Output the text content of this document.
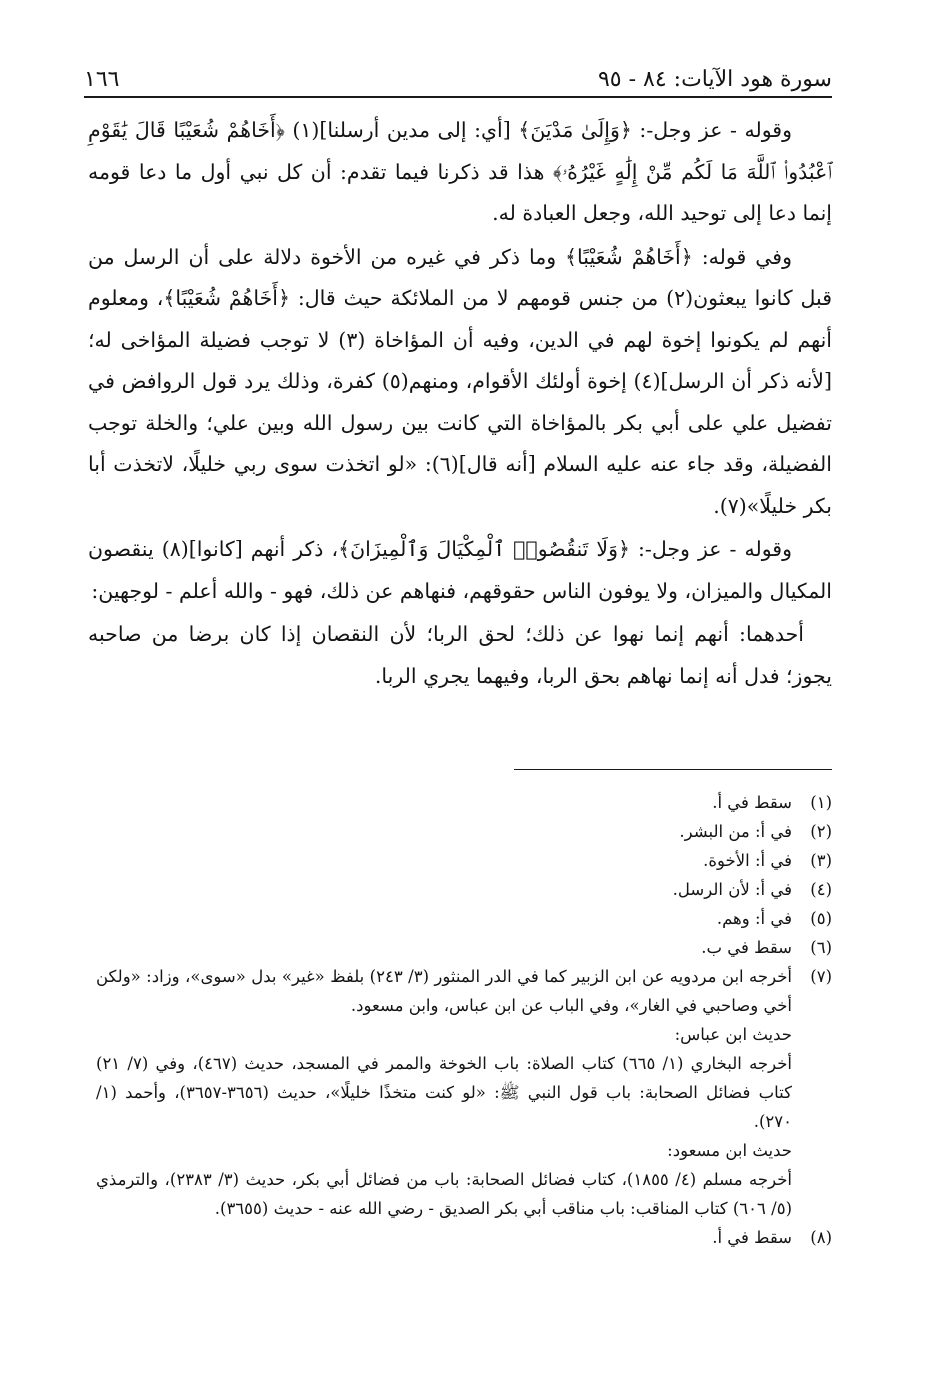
سورة هود الآيات: ٨٤ - ٩٥
١٦٦

وقوله - عز وجل-: ﴿وَإِلَىٰ مَدْيَنَ﴾ [أي: إلى مدين أرسلنا](١) ﴿أَخَاهُمْ شُعَيْبًا قَالَ يَٰقَوْمِ ٱعْبُدُوا۟ ٱللَّهَ مَا لَكُم مِّنْ إِلَٰهٍ غَيْرُهُۥ﴾ هذا قد ذكرنا فيما تقدم: أن كل نبي أول ما دعا قومه إنما دعا إلى توحيد الله، وجعل العبادة له.

وفي قوله: ﴿أَخَاهُمْ شُعَيْبًا﴾ وما ذكر في غيره من الأخوة دلالة على أن الرسل من قبل كانوا يبعثون(٢) من جنس قومهم لا من الملائكة حيث قال: ﴿أَخَاهُمْ شُعَيْبًا﴾، ومعلوم أنهم لم يكونوا إخوة لهم في الدين، وفيه أن المؤاخاة (٣) لا توجب فضيلة المؤاخى له؛ [لأنه ذكر أن الرسل](٤) إخوة أولئك الأقوام، ومنهم(٥) كفرة، وذلك يرد قول الروافض في تفضيل علي على أبي بكر بالمؤاخاة التي كانت بين رسول الله وبين علي؛ والخلة توجب الفضيلة، وقد جاء عنه عليه السلام [أنه قال](٦): «لو اتخذت سوى ربي خليلًا، لاتخذت أبا بكر خليلًا»(٧).

وقوله - عز وجل-: ﴿وَلَا تَنقُصُوا۟ ٱلْمِكْيَالَ وَٱلْمِيزَانَ﴾، ذكر أنهم [كانوا](٨) ينقصون المكيال والميزان، ولا يوفون الناس حقوقهم، فنهاهم عن ذلك، فهو - والله أعلم - لوجهين:

أحدهما: أنهم إنما نهوا عن ذلك؛ لحق الربا؛ لأن النقصان إذا كان برضا من صاحبه يجوز؛ فدل أنه إنما نهاهم بحق الربا، وفيهما يجري الربا.

(١)
سقط في أ.
(٢)
في أ: من البشر.
(٣)
في أ: الأخوة.
(٤)
في أ: لأن الرسل.
(٥)
في أ: وهم.
(٦)
سقط في ب.
(٧)
أخرجه ابن مردويه عن ابن الزبير كما في الدر المنثور (٣/ ٢٤٣) بلفظ «غير» بدل «سوى»، وزاد: «ولكن أخي وصاحبي في الغار»، وفي الباب عن ابن عباس، وابن مسعود.
حديث ابن عباس:
أخرجه البخاري (١/ ٦٦٥) كتاب الصلاة: باب الخوخة والممر في المسجد، حديث (٤٦٧)، وفي (٧/ ٢١) كتاب فضائل الصحابة: باب قول النبي ﷺ: «لو كنت متخذًا خليلًا»، حديث (٣٦٥٦-٣٦٥٧)، وأحمد (١/ ٢٧٠).
حديث ابن مسعود:
أخرجه مسلم (٤/ ١٨٥٥)، كتاب فضائل الصحابة: باب من فضائل أبي بكر، حديث (٣/ ٢٣٨٣)، والترمذي (٥/ ٦٠٦) كتاب المناقب: باب مناقب أبي بكر الصديق - رضي الله عنه - حديث (٣٦٥٥).
(٨)
سقط في أ.
